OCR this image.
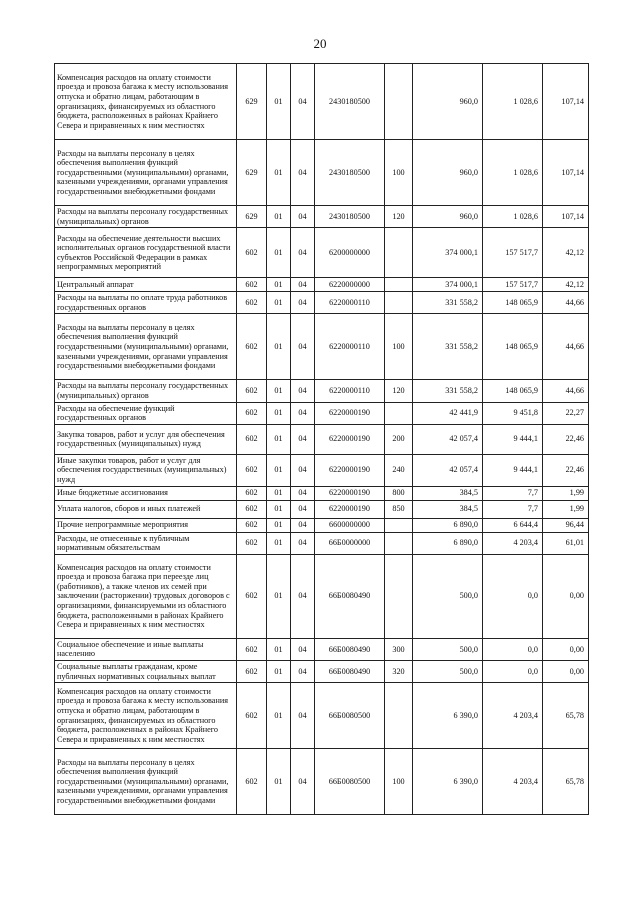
20
Компенсация расходов на оплату стоимости проезда и провоза багажа к месту использования отпуска и обратно лицам, работающим в организациях, финансируемых из областного бюджета, расположенных в районах Крайнего Севера и приравненных к ним местностях	629	01	04	2430180500		960,0	1 028,6	107,14
Расходы на выплаты персоналу в целях обеспечения выполнения функций государственными (муниципальными) органами, казенными учреждениями, органами управления государственными внебюджетными фондами	629	01	04	2430180500	100	960,0	1 028,6	107,14
Расходы на выплаты персоналу государственных (муниципальных) органов	629	01	04	2430180500	120	960,0	1 028,6	107,14
Расходы на обеспечение деятельности высших исполнительных органов государственной власти субъектов Российской Федерации в рамках непрограммных мероприятий	602	01	04	6200000000		374 000,1	157 517,7	42,12
Центральный аппарат	602	01	04	6220000000		374 000,1	157 517,7	42,12
Расходы на выплаты по оплате труда работников государственных органов	602	01	04	6220000110		331 558,2	148 065,9	44,66
Расходы на выплаты персоналу в целях обеспечения выполнения функций государственными (муниципальными) органами, казенными учреждениями, органами управления государственными внебюджетными фондами	602	01	04	6220000110	100	331 558,2	148 065,9	44,66
Расходы на выплаты персоналу государственных (муниципальных) органов	602	01	04	6220000110	120	331 558,2	148 065,9	44,66
Расходы на обеспечение функций государственных органов	602	01	04	6220000190		42 441,9	9 451,8	22,27
Закупка товаров, работ и услуг для обеспечения государственных (муниципальных) нужд	602	01	04	6220000190	200	42 057,4	9 444,1	22,46
Иные закупки товаров, работ и услуг для обеспечения государственных (муниципальных) нужд	602	01	04	6220000190	240	42 057,4	9 444,1	22,46
Иные бюджетные ассигнования	602	01	04	6220000190	800	384,5	7,7	1,99
Уплата налогов, сборов и иных платежей	602	01	04	6220000190	850	384,5	7,7	1,99
Прочие непрограммные мероприятия	602	01	04	6600000000		6 890,0	6 644,4	96,44
Расходы, не отнесенные к публичным нормативным обязательствам	602	01	04	66Б0000000		6 890,0	4 203,4	61,01
Компенсация расходов на оплату стоимости проезда и провоза багажа при переезде лиц (работников), а также членов их семей при заключении (расторжении) трудовых договоров с организациями, финансируемыми из областного бюджета, расположенными в районах Крайнего Севера и приравненных к ним местностях	602	01	04	66Б0080490		500,0	0,0	0,00
Социальное обеспечение и иные выплаты населению	602	01	04	66Б0080490	300	500,0	0,0	0,00
Социальные выплаты гражданам, кроме публичных нормативных социальных выплат	602	01	04	66Б0080490	320	500,0	0,0	0,00
Компенсация расходов на оплату стоимости проезда и провоза багажа к месту использования отпуска и обратно лицам, работающим в организациях, финансируемых из областного бюджета, расположенных в районах Крайнего Севера и приравненных к ним местностях	602	01	04	66Б0080500		6 390,0	4 203,4	65,78
Расходы на выплаты персоналу в целях обеспечения выполнения функций государственными (муниципальными) органами, казенными учреждениями, органами управления государственными внебюджетными фондами	602	01	04	66Б0080500	100	6 390,0	4 203,4	65,78
